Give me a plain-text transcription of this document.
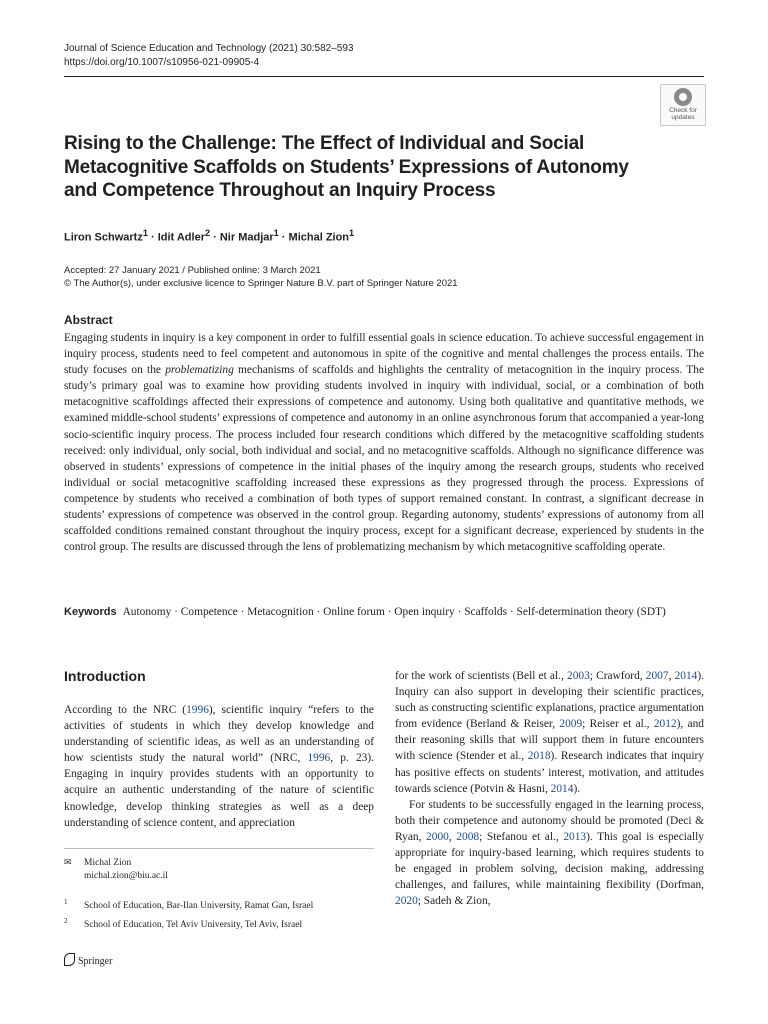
Journal of Science Education and Technology (2021) 30:582–593
https://doi.org/10.1007/s10956-021-09905-4
Check for
updates
Rising to the Challenge: The Effect of Individual and Social Metacognitive Scaffolds on Students’ Expressions of Autonomy and Competence Throughout an Inquiry Process
Liron Schwartz$^1$ · Idit Adler$^2$ · Nir Madjar$^1$ · Michal Zion$^1$
Accepted: 27 January 2021 / Published online: 3 March 2021
© The Author(s), under exclusive licence to Springer Nature B.V. part of Springer Nature 2021
Abstract

Engaging students in inquiry is a key component in order to fulfill essential goals in science education. To achieve successful engagement in inquiry process, students need to feel competent and autonomous in spite of the cognitive and mental challenges the process entails. The study focuses on the problematizing mechanisms of scaffolds and highlights the centrality of metacognition in the inquiry process. The study’s primary goal was to examine how providing students involved in inquiry with individual, social, or a combination of both metacognitive scaffoldings affected their expressions of competence and autonomy. Using both qualitative and quantitative methods, we examined middle-school students’ expressions of competence and autonomy in an online asynchronous forum that accompanied a year-long socio-scientific inquiry process. The process included four research conditions which differed by the metacognitive scaffolding students received: only individual, only social, both individual and social, and no metacognitive scaffolds. Although no significance difference was observed in students’ expressions of competence in the initial phases of the inquiry among the research groups, students who received individual or social metacognitive scaffolding increased these expressions as they progressed through the process. Expressions of competence by students who received a combination of both types of support remained constant. In contrast, a significant decrease in students’ expressions of competence was observed in the control group. Regarding autonomy, students’ expressions of autonomy from all scaffolded conditions remained constant throughout the inquiry process, except for a significant decrease, experienced by students in the control group. The results are discussed through the lens of problematizing mechanism by which metacognitive scaffolding operate.

Keywords Autonomy · Competence · Metacognition · Online forum · Open inquiry · Scaffolds · Self-determination theory (SDT)

Introduction

According to the NRC (1996), scientific inquiry “refers to the activities of students in which they develop knowledge and understanding of scientific ideas, as well as an understanding of how scientists study the natural world” (NRC, 1996, p. 23). Engaging in inquiry provides students with an opportunity to acquire an authentic understanding of the nature of scientific knowledge, develop thinking strategies as well as a deep understanding of science content, and appreciation

for the work of scientists (Bell et al., 2003; Crawford, 2007, 2014). Inquiry can also support in developing their scientific practices, such as constructing scientific explanations, practice argumentation from evidence (Berland & Reiser, 2009; Reiser et al., 2012), and their reasoning skills that will support them in future encounters with science (Stender et al., 2018). Research indicates that inquiry has positive effects on students’ interest, motivation, and attitudes towards science (Potvin & Hasni, 2014).

For students to be successfully engaged in the learning process, both their competence and autonomy should be promoted (Deci & Ryan, 2000, 2008; Stefanou et al., 2013). This goal is especially appropriate for inquiry-based learning, which requires students to be engaged in problem solving, decision making, addressing challenges, and failures, while maintaining flexibility (Dorfman, 2020; Sadeh & Zion,

✉ Michal Zion
michal.zion@biu.ac.il
$^1$ School of Education, Bar-Ilan University, Ramat Gan, Israel
$^2$ School of Education, Tel Aviv University, Tel Aviv, Israel
Springer
